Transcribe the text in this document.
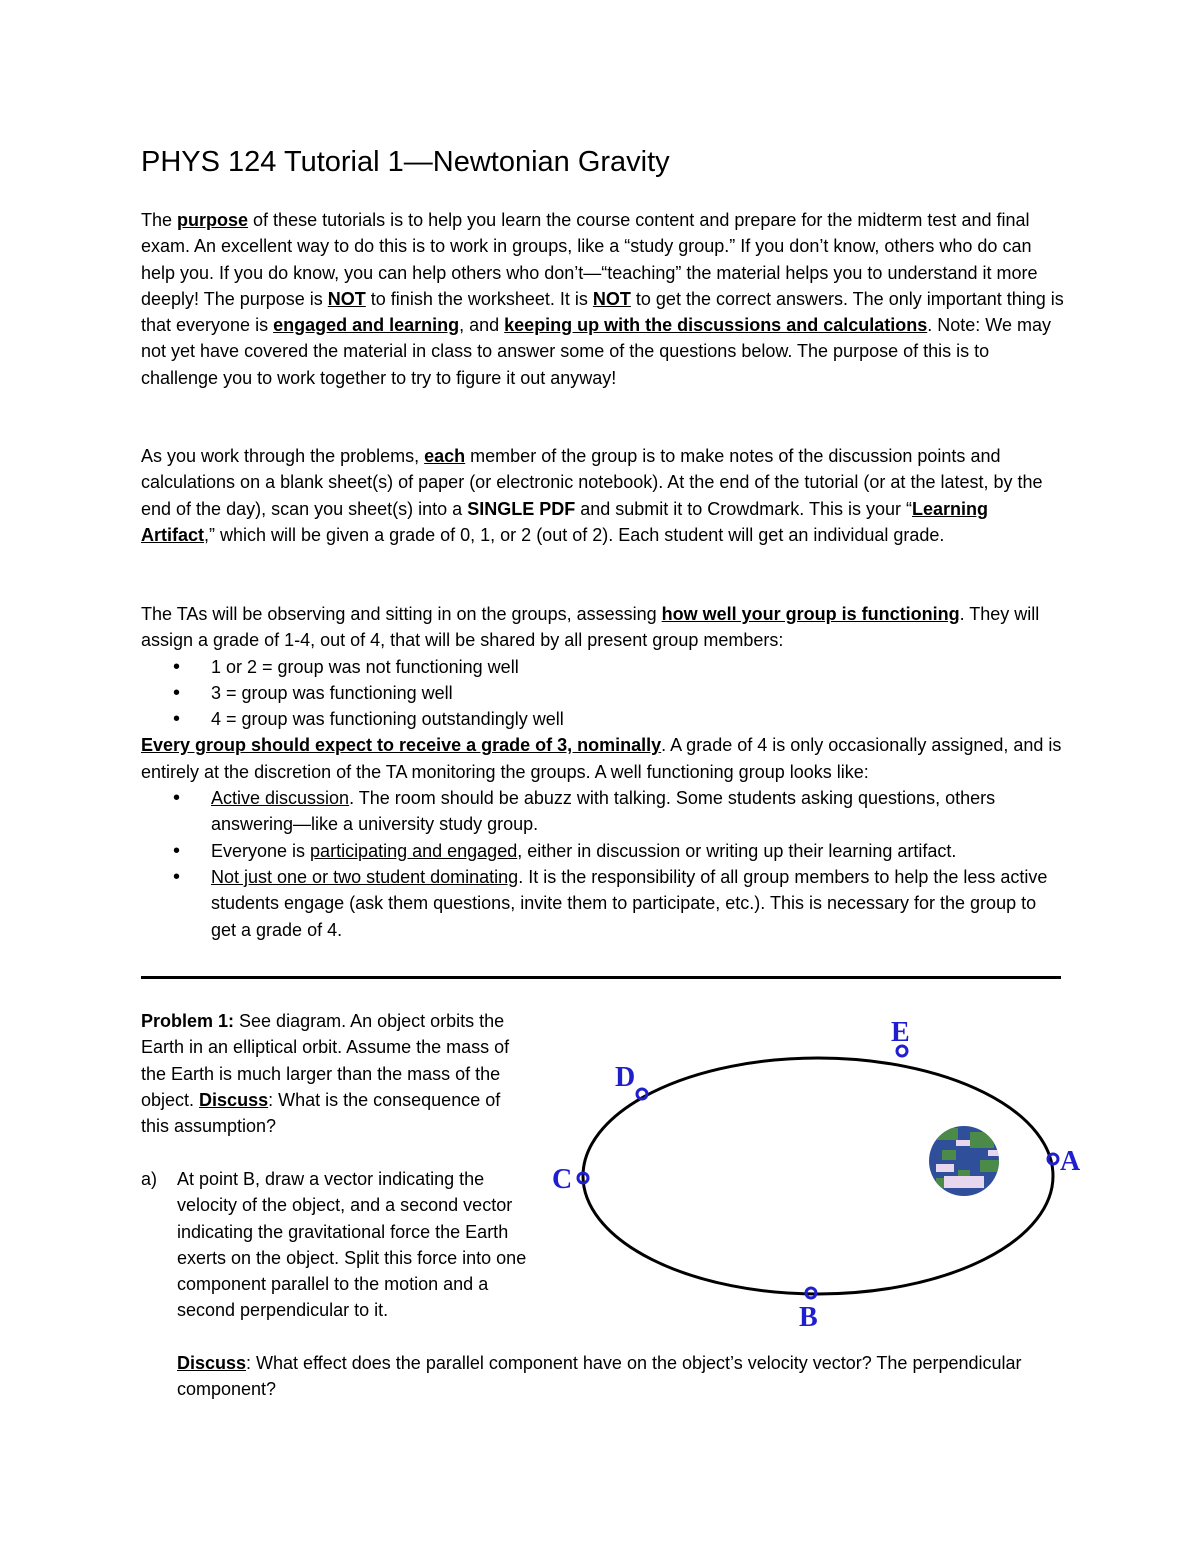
PHYS 124 Tutorial 1—Newtonian Gravity
The purpose of these tutorials is to help you learn the course content and prepare for the midterm test and final exam. An excellent way to do this is to work in groups, like a “study group.” If you don’t know, others who do can help you. If you do know, you can help others who don’t—“teaching” the material helps you to understand it more deeply! The purpose is NOT to finish the worksheet. It is NOT to get the correct answers. The only important thing is that everyone is engaged and learning, and keeping up with the discussions and calculations. Note: We may not yet have covered the material in class to answer some of the questions below. The purpose of this is to challenge you to work together to try to figure it out anyway!
As you work through the problems, each member of the group is to make notes of the discussion points and calculations on a blank sheet(s) of paper (or electronic notebook). At the end of the tutorial (or at the latest, by the end of the day), scan you sheet(s) into a SINGLE PDF and submit it to Crowdmark. This is your “Learning Artifact,” which will be given a grade of 0, 1, or 2 (out of 2). Each student will get an individual grade.
The TAs will be observing and sitting in on the groups, assessing how well your group is functioning. They will assign a grade of 1-4, out of 4, that will be shared by all present group members:
• 1 or 2 = group was not functioning well
• 3 = group was functioning well
• 4 = group was functioning outstandingly well
Every group should expect to receive a grade of 3, nominally. A grade of 4 is only occasionally assigned, and is entirely at the discretion of the TA monitoring the groups. A well functioning group looks like:
• Active discussion. The room should be abuzz with talking. Some students asking questions, others answering—like a university study group.
• Everyone is participating and engaged, either in discussion or writing up their learning artifact.
• Not just one or two student dominating. It is the responsibility of all group members to help the less active students engage (ask them questions, invite them to participate, etc.). This is necessary for the group to get a grade of 4.
Problem 1: See diagram. An object orbits the Earth in an elliptical orbit. Assume the mass of the Earth is much larger than the mass of the object. Discuss: What is the consequence of this assumption?
a)	At point B, draw a vector indicating the velocity of the object, and a second vector indicating the gravitational force the Earth exerts on the object. Split this force into one component parallel to the motion and a second perpendicular to it.
Discuss: What effect does the parallel component have on the object’s velocity vector? The perpendicular component?
A
B
C
D
E
